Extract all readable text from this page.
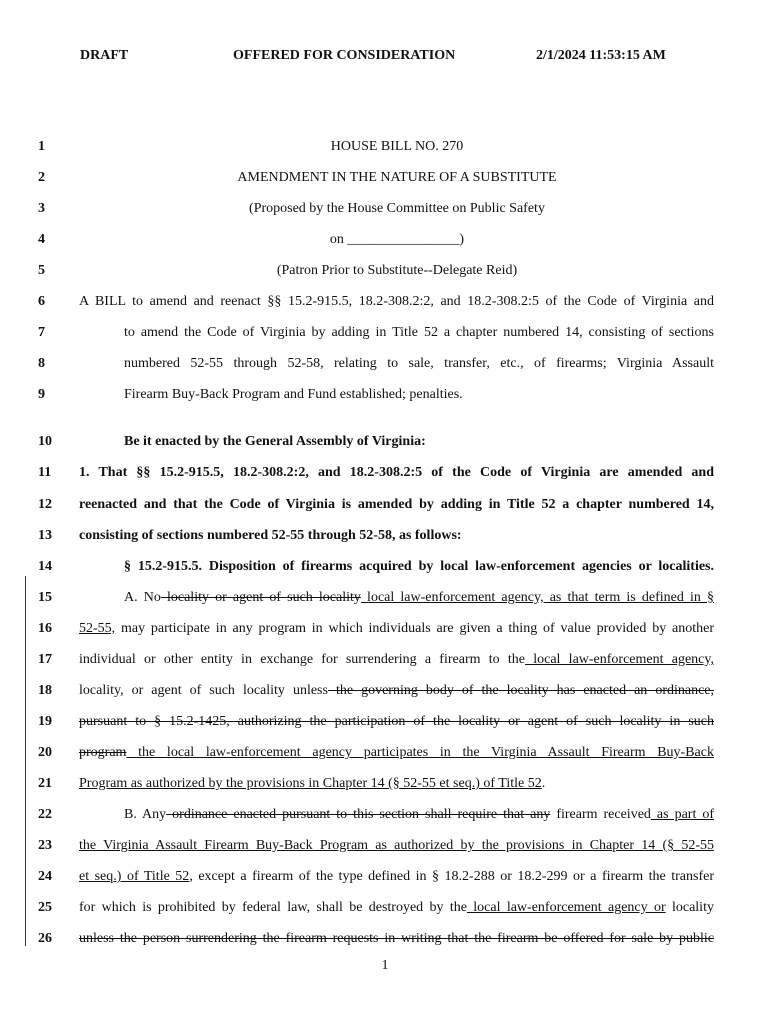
DRAFT	OFFERED FOR CONSIDERATION	2/1/2024 11:53:15 AM
1	HOUSE BILL NO. 270
2	AMENDMENT IN THE NATURE OF A SUBSTITUTE
3	(Proposed by the House Committee on Public Safety
4	on ________________)
5	(Patron Prior to Substitute--Delegate Reid)
6	A BILL to amend and reenact §§ 15.2-915.5, 18.2-308.2:2, and 18.2-308.2:5 of the Code of Virginia and
7	to amend the Code of Virginia by adding in Title 52 a chapter numbered 14, consisting of sections
8	numbered 52-55 through 52-58, relating to sale, transfer, etc., of firearms; Virginia Assault
9	Firearm Buy-Back Program and Fund established; penalties.
10	Be it enacted by the General Assembly of Virginia:
11	1. That §§ 15.2-915.5, 18.2-308.2:2, and 18.2-308.2:5 of the Code of Virginia are amended and
12	reenacted and that the Code of Virginia is amended by adding in Title 52 a chapter numbered 14,
13	consisting of sections numbered 52-55 through 52-58, as follows:
14	§ 15.2-915.5. Disposition of firearms acquired by local law-enforcement agencies or localities.
15	A. No locality or agent of such locality local law-enforcement agency, as that term is defined in §
16	52-55, may participate in any program in which individuals are given a thing of value provided by another
17	individual or other entity in exchange for surrendering a firearm to the local law-enforcement agency,
18	locality, or agent of such locality unless the governing body of the locality has enacted an ordinance,
19	pursuant to § 15.2-1425, authorizing the participation of the locality or agent of such locality in such
20	program the local law-enforcement agency participates in the Virginia Assault Firearm Buy-Back
21	Program as authorized by the provisions in Chapter 14 (§ 52-55 et seq.) of Title 52.
22	B. Any ordinance enacted pursuant to this section shall require that any firearm received as part of
23	the Virginia Assault Firearm Buy-Back Program as authorized by the provisions in Chapter 14 (§ 52-55
24	et seq.) of Title 52, except a firearm of the type defined in § 18.2-288 or 18.2-299 or a firearm the transfer
25	for which is prohibited by federal law, shall be destroyed by the local law-enforcement agency or locality
26	unless the person surrendering the firearm requests in writing that the firearm be offered for sale by public
1
